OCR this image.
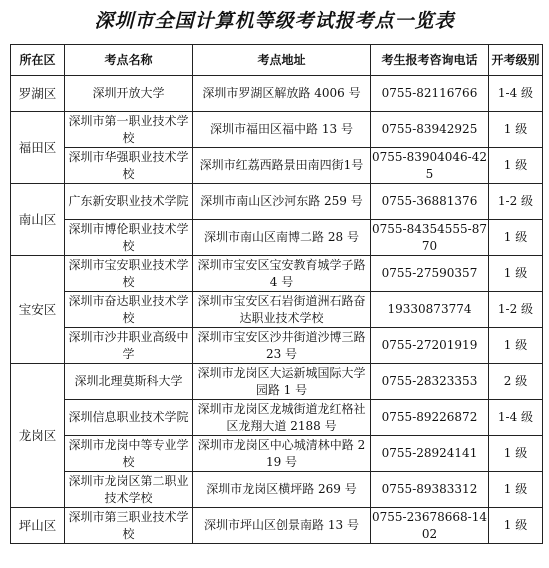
深圳市全国计算机等级考试报考点一览表
所在区	考点名称	考点地址	考生报考咨询电话	开考级别
罗湖区	深圳开放大学	深圳市罗湖区解放路 4006 号	0755-82116766	1-4 级
福田区	深圳市第一职业技术学校	深圳市福田区福中路 13 号	0755-83942925	1 级
	深圳市华强职业技术学校	深圳市红荔西路景田南四街1号	0755-83904046-425	1 级
南山区	广东新安职业技术学院	深圳市南山区沙河东路 259 号	0755-36881376	1-2 级
	深圳市博伦职业技术学校	深圳市南山区南博二路 28 号	0755-84354555-8770	1 级
宝安区	深圳市宝安职业技术学校	深圳市宝安区宝安教育城学子路 4 号	0755-27590357	1 级
	深圳市奋达职业技术学校	深圳市宝安区石岩街道洲石路奋达职业技术学校	19330873774	1-2 级
	深圳市沙井职业高级中学	深圳市宝安区沙井街道沙博三路 23 号	0755-27201919	1 级
龙岗区	深圳北理莫斯科大学	深圳市龙岗区大运新城国际大学园路 1 号	0755-28323353	2 级
	深圳信息职业技术学院	深圳市龙岗区龙城街道龙红格社区龙翔大道 2188 号	0755-89226872	1-4 级
	深圳市龙岗中等专业学校	深圳市龙岗区中心城清林中路 219 号	0755-28924141	1 级
	深圳市龙岗区第二职业技术学校	深圳市龙岗区横坪路 269 号	0755-89383312	1 级
坪山区	深圳市第三职业技术学校	深圳市坪山区创景南路 13 号	0755-23678668-1402	1 级
